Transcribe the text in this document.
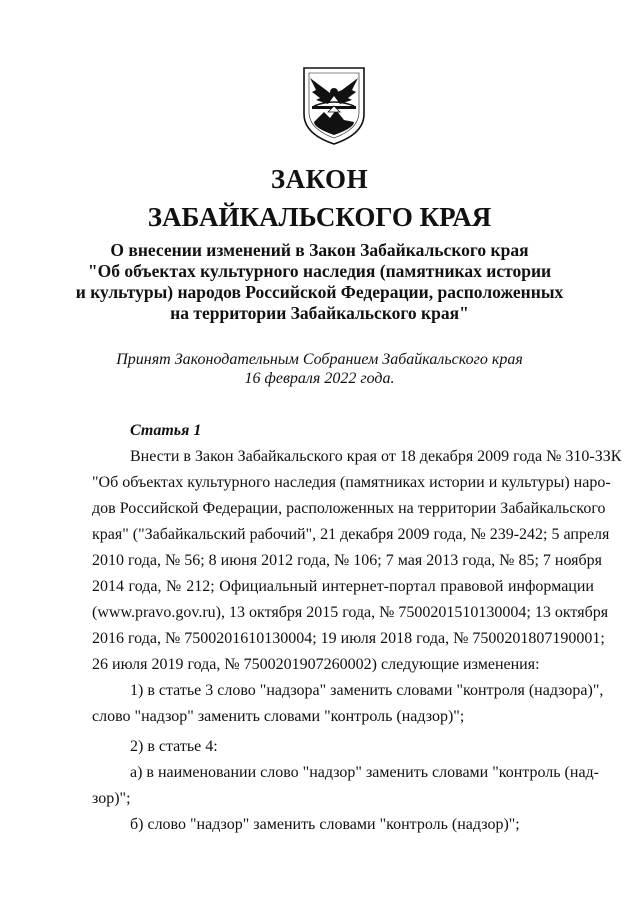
ЗАКОН
ЗАБАЙКАЛЬСКОГО КРАЯ
О внесении изменений в Закон Забайкальского края
"Об объектах культурного наследия (памятниках истории
и культуры) народов Российской Федерации, расположенных
на территории Забайкальского края"
Принят Законодательным Собранием Забайкальского края
16 февраля 2022 года.
Статья 1
Внести в Закон Забайкальского края от 18 декабря 2009 года № 310-ЗЗК
"Об объектах культурного наследия (памятниках истории и культуры) наро-
дов Российской Федерации, расположенных на территории Забайкальского
края" ("Забайкальский рабочий", 21 декабря 2009 года, № 239-242; 5 апреля
2010 года, № 56; 8 июня 2012 года, № 106; 7 мая 2013 года, № 85; 7 ноября
2014 года, № 212; Официальный интернет-портал правовой информации
(www.pravo.gov.ru), 13 октября 2015 года, № 7500201510130004; 13 октября
2016 года, № 7500201610130004; 19 июля 2018 года, № 7500201807190001;
26 июля 2019 года, № 7500201907260002) следующие изменения:
1) в статье 3 слово "надзора" заменить словами "контроля (надзора)",
слово "надзор" заменить словами "контроль (надзор)";
2) в статье 4:
а) в наименовании слово "надзор" заменить словами "контроль (над-
зор)";
б) слово "надзор" заменить словами "контроль (надзор)";
